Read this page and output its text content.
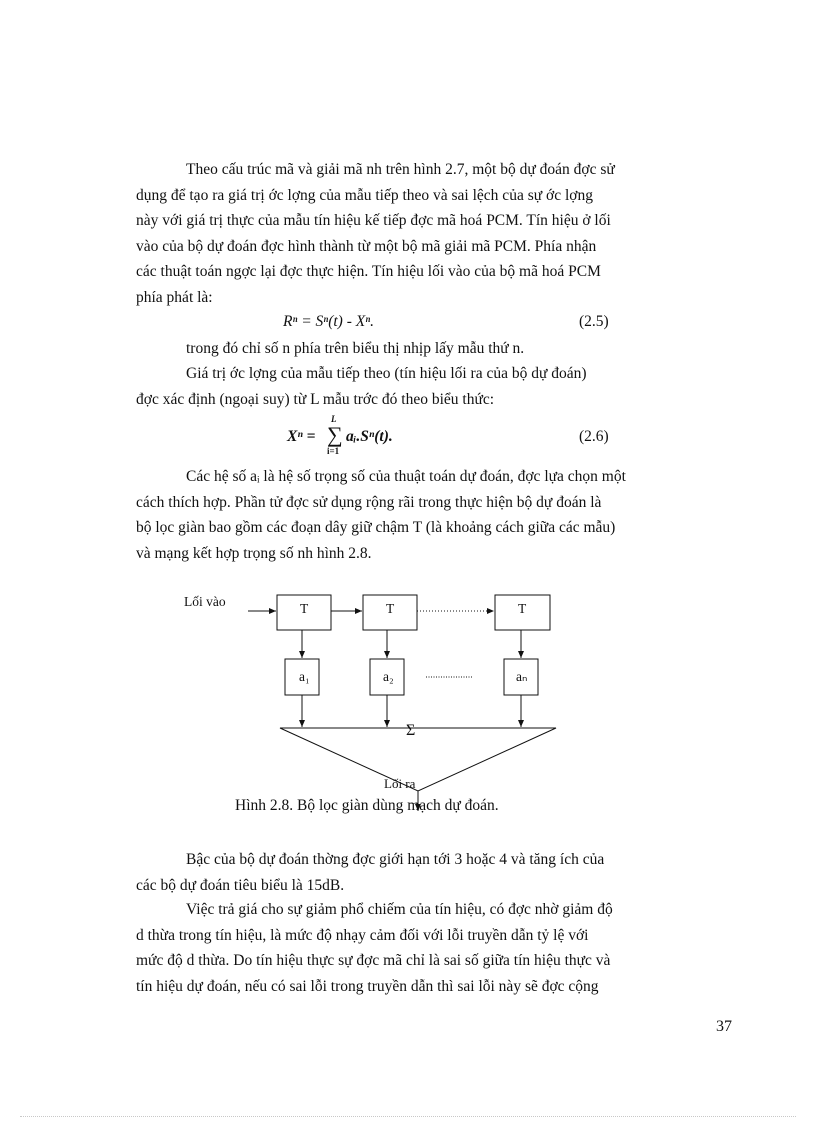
Theo cấu trúc mã và giải mã nh trên hình 2.7, một bộ dự đoán đợc sử
dụng để tạo ra giá trị ớc lợng của mẫu tiếp theo và sai lệch của sự ớc lợng
này với giá trị thực của mẫu tín hiệu kế tiếp đợc mã hoá PCM. Tín hiệu ở lối
vào của bộ dự đoán đợc hình thành từ một bộ mã giải mã PCM. Phía nhận
các thuật toán ngợc lại đợc thực hiện. Tín hiệu lối vào của bộ mã hoá PCM
phía phát là:
Rⁿ = Sⁿ(t) - Xⁿ.	(2.5)
trong đó chỉ số n phía trên biểu thị nhịp lấy mẫu thứ n.
Giá trị ớc lợng của mẫu tiếp theo (tín hiệu lối ra của bộ dự đoán)
đợc xác định (ngoại suy) từ L mẫu trớc đó theo biểu thức:
Xⁿ =
L
∑
i=1
aᵢ.Sⁿ(t).	(2.6)
Các hệ số aᵢ là hệ số trọng số của thuật toán dự đoán, đợc lựa chọn một
cách thích hợp. Phần tử đợc sử dụng rộng rãi trong thực hiện bộ dự đoán là
bộ lọc giàn bao gồm các đoạn dây giữ chậm T (là khoảng cách giữa các mẫu)
và mạng kết hợp trọng số nh hình 2.8.
Lối vào	T	T	T
a₁	a₂	aₙ
Σ
Lối ra
Hình 2.8. Bộ lọc giàn dùng mạch dự đoán.
Bậc của bộ dự đoán thờng đợc giới hạn tới 3 hoặc 4 và tăng ích của
các bộ dự đoán tiêu biểu là 15dB.
Việc trả giá cho sự giảm phổ chiếm của tín hiệu, có đợc nhờ giảm độ
d thừa trong tín hiệu, là mức độ nhạy cảm đối với lỗi truyền dẫn tỷ lệ với
mức độ d thừa. Do tín hiệu thực sự đợc mã chỉ là sai số giữa tín hiệu thực và
tín hiệu dự đoán, nếu có sai lỗi trong truyền dẫn thì sai lỗi này sẽ đợc cộng
37
